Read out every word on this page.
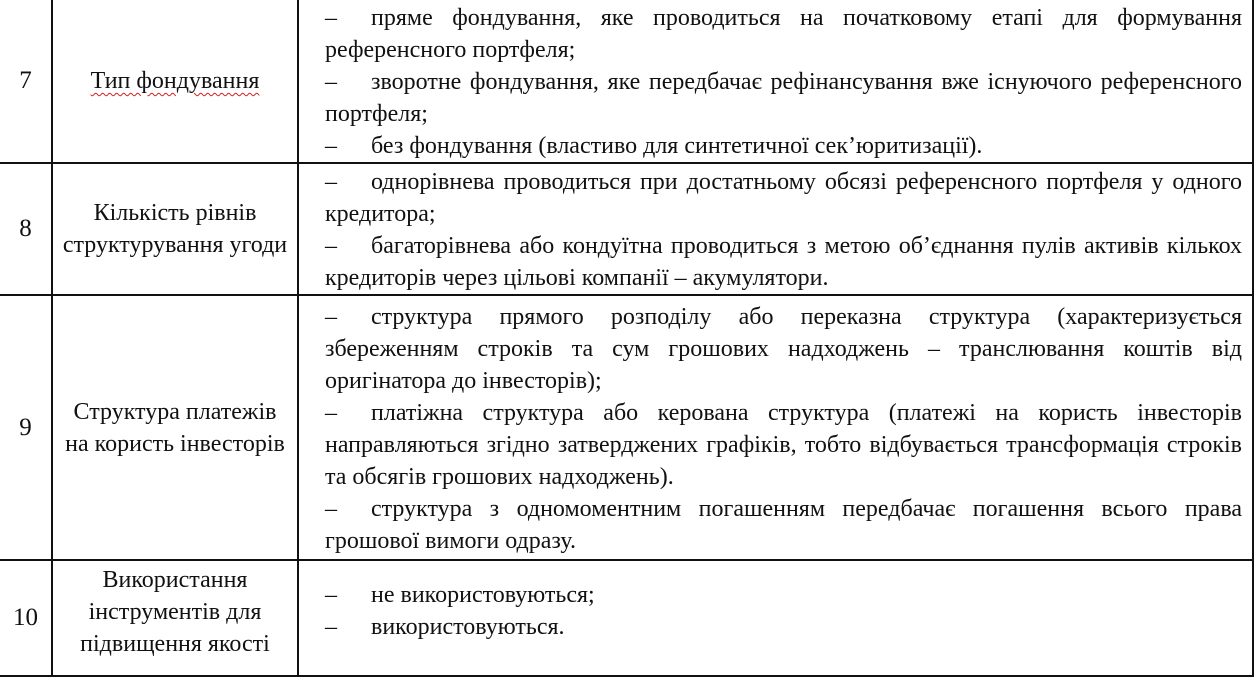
7	Тип фондування	– пряме фондування, яке проводиться на початковому етапі для формування референсного портфеля;
– зворотне фондування, яке передбачає рефінансування вже існуючого референсного портфеля;
– без фондування (властиво для синтетичної сек’юритизації).

8	Кількість рівнів структурування угоди	– однорівнева проводиться при достатньому обсязі референсного портфеля у одного кредитора;
– багаторівнева або кондуїтна проводиться з метою об’єднання пулів активів кількох кредиторів через цільові компанії – акумулятори.

9	Структура платежів на користь інвесторів	– структура прямого розподілу або переказна структура (характеризується збереженням строків та сум грошових надходжень – транслювання коштів від оригінатора до інвесторів);
– платіжна структура або керована структура (платежі на користь інвесторів направляються згідно затверджених графіків, тобто відбувається трансформація строків та обсягів грошових надходжень).
– структура з одномоментним погашенням передбачає погашення всього права грошової вимоги одразу.

10	Використання інструментів для підвищення якості	– не використовуються;
– використовуються.
